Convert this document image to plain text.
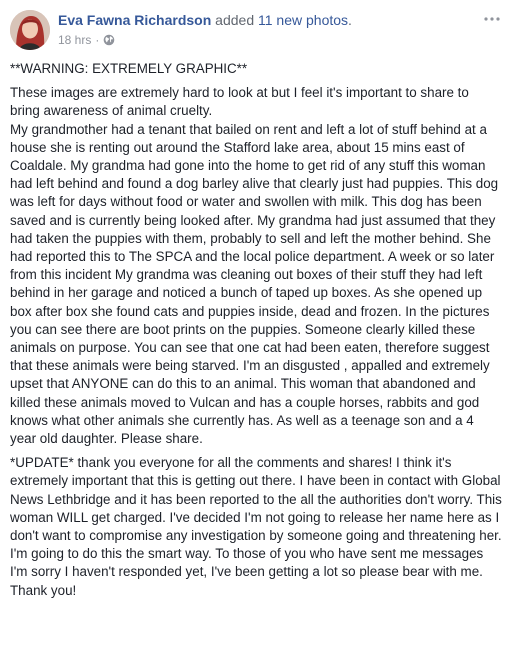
Eva Fawna Richardson added 11 new photos.
18 hrs ·

**WARNING: EXTREMELY GRAPHIC**

These images are extremely hard to look at but I feel it's important to share to bring awareness of animal cruelty.
My grandmother had a tenant that bailed on rent and left a lot of stuff behind at a house she is renting out around the Stafford lake area, about 15 mins east of Coaldale. My grandma had gone into the home to get rid of any stuff this woman had left behind and found a dog barley alive that clearly just had puppies. This dog was left for days without food or water and swollen with milk. This dog has been saved and is currently being looked after. My grandma had just assumed that they had taken the puppies with them, probably to sell and left the mother behind. She had reported this to The SPCA and the local police department. A week or so later from this incident My grandma was cleaning out boxes of their stuff they had left behind in her garage and noticed a bunch of taped up boxes. As she opened up box after box she found cats and puppies inside, dead and frozen. In the pictures you can see there are boot prints on the puppies. Someone clearly killed these animals on purpose. You can see that one cat had been eaten, therefore suggest that these animals were being starved. I'm an disgusted , appalled and extremely upset that ANYONE can do this to an animal. This woman that abandoned and killed these animals moved to Vulcan and has a couple horses, rabbits and god knows what other animals she currently has. As well as a teenage son and a 4 year old daughter. Please share.

*UPDATE* thank you everyone for all the comments and shares! I think it's extremely important that this is getting out there. I have been in contact with Global News Lethbridge and it has been reported to the all the authorities don't worry. This woman WILL get charged. I've decided I'm not going to release her name here as I don't want to compromise any investigation by someone going and threatening her. I'm going to do this the smart way. To those of you who have sent me messages I'm sorry I haven't responded yet, I've been getting a lot so please bear with me. Thank you!
